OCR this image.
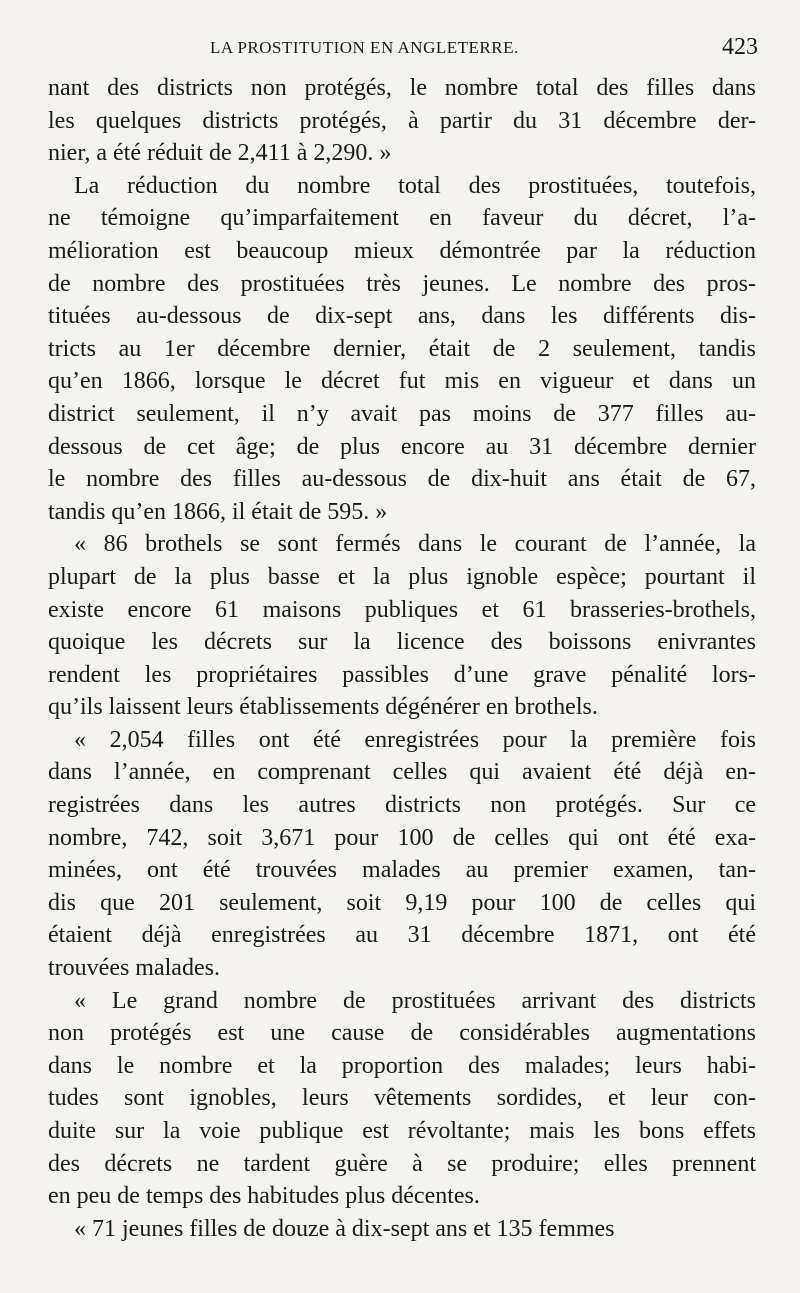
LA PROSTITUTION EN ANGLETERRE.	423
nant des districts non protégés, le nombre total des filles dans
les quelques districts protégés, à partir du 31 décembre der-
nier, a été réduit de 2,411 à 2,290. »
La réduction du nombre total des prostituées, toutefois,
ne témoigne qu’imparfaitement en faveur du décret, l’a-
mélioration est beaucoup mieux démontrée par la réduction
de nombre des prostituées très jeunes. Le nombre des pros-
tituées au-dessous de dix-sept ans, dans les différents dis-
tricts au 1er décembre dernier, était de 2 seulement, tandis
qu’en 1866, lorsque le décret fut mis en vigueur et dans un
district seulement, il n’y avait pas moins de 377 filles au-
dessous de cet âge; de plus encore au 31 décembre dernier
le nombre des filles au-dessous de dix-huit ans était de 67,
tandis qu’en 1866, il était de 595. »
« 86 brothels se sont fermés dans le courant de l’année, la
plupart de la plus basse et la plus ignoble espèce; pourtant il
existe encore 61 maisons publiques et 61 brasseries-brothels,
quoique les décrets sur la licence des boissons enivrantes
rendent les propriétaires passibles d’une grave pénalité lors-
qu’ils laissent leurs établissements dégénérer en brothels.
« 2,054 filles ont été enregistrées pour la première fois
dans l’année, en comprenant celles qui avaient été déjà en-
registrées dans les autres districts non protégés. Sur ce
nombre, 742, soit 3,671 pour 100 de celles qui ont été exa-
minées, ont été trouvées malades au premier examen, tan-
dis que 201 seulement, soit 9,19 pour 100 de celles qui
étaient déjà enregistrées au 31 décembre 1871, ont été
trouvées malades.
« Le grand nombre de prostituées arrivant des districts
non protégés est une cause de considérables augmentations
dans le nombre et la proportion des malades; leurs habi-
tudes sont ignobles, leurs vêtements sordides, et leur con-
duite sur la voie publique est révoltante; mais les bons effets
des décrets ne tardent guère à se produire; elles prennent
en peu de temps des habitudes plus décentes.
« 71 jeunes filles de douze à dix-sept ans et 135 femmes
